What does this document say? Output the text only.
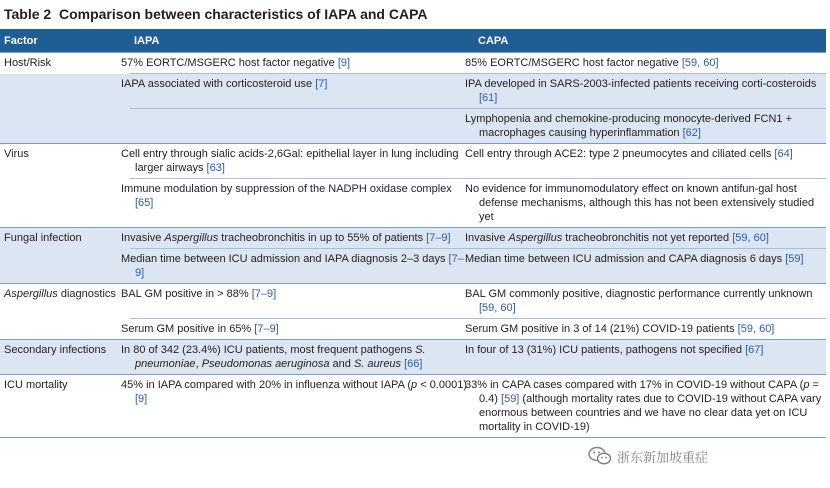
Table 2 Comparison between characteristics of IAPA and CAPA
Factor	IAPA	CAPA
Host/Risk	57% EORTC/MSGERC host factor negative [9]	85% EORTC/MSGERC host factor negative [59, 60]
	IAPA associated with corticosteroid use [7]	IPA developed in SARS-2003-infected patients receiving corti-costeroids [61]
		Lymphopenia and chemokine-producing monocyte-derived FCN1 + macrophages causing hyperinflammation [62]
Virus	Cell entry through sialic acids-2,6Gal: epithelial layer in lung including larger airways [63]	Cell entry through ACE2: type 2 pneumocytes and ciliated cells [64]
	Immune modulation by suppression of the NADPH oxidase complex [65]	No evidence for immunomodulatory effect on known antifun-gal host defense mechanisms, although this has not been extensively studied yet
Fungal infection	Invasive Aspergillus tracheobronchitis in up to 55% of patients [7–9]	Invasive Aspergillus tracheobronchitis not yet reported [59, 60]
	Median time between ICU admission and IAPA diagnosis 2–3 days [7–9]	Median time between ICU admission and CAPA diagnosis 6 days [59]
Aspergillus diagnostics	BAL GM positive in > 88% [7–9]	BAL GM commonly positive, diagnostic performance currently unknown [59, 60]
	Serum GM positive in 65% [7–9]	Serum GM positive in 3 of 14 (21%) COVID-19 patients [59, 60]
Secondary infections	In 80 of 342 (23.4%) ICU patients, most frequent pathogens S. pneumoniae, Pseudomonas aeruginosa and S. aureus [66]	In four of 13 (31%) ICU patients, pathogens not specified [67]
ICU mortality	45% in IAPA compared with 20% in influenza without IAPA (p < 0.0001) [9]	33% in CAPA cases compared with 17% in COVID-19 without CAPA (p = 0.4) [59] (although mortality rates due to COVID-19 without CAPA vary enormous between countries and we have no clear data yet on ICU mortality in COVID-19)
浙东新加坡重症
